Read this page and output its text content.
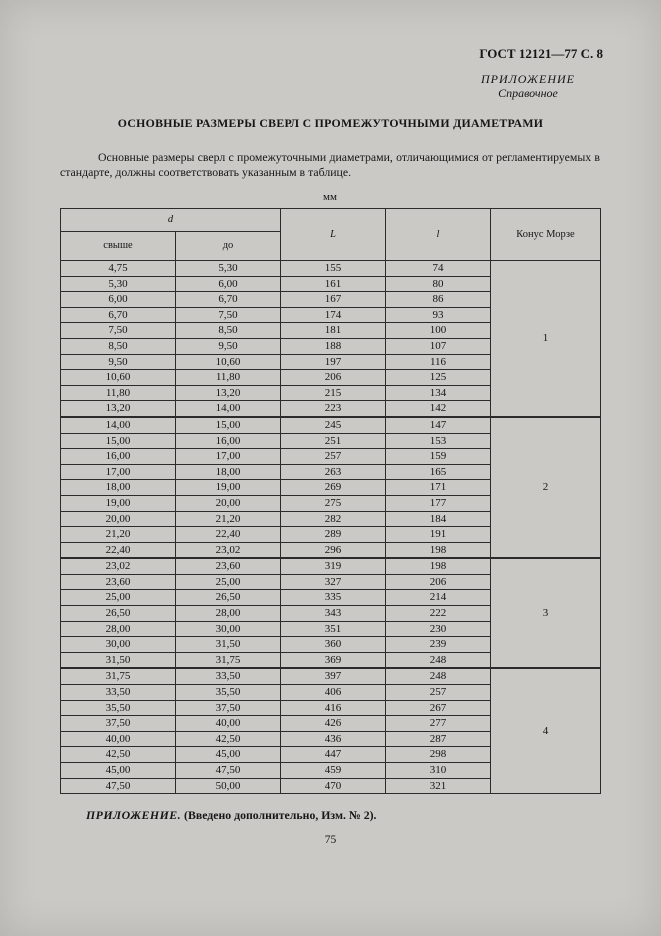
ГОСТ 12121—77 С. 8
ПРИЛОЖЕНИЕ
Справочное
ОСНОВНЫЕ РАЗМЕРЫ СВЕРЛ С ПРОМЕЖУТОЧНЫМИ ДИАМЕТРАМИ
Основные размеры сверл с промежуточными диаметрами, отличающимися от регламентируемых в стандарте, должны соответствовать указанным в таблице.
мм
d		L	l	Конус Морзе
свыше	до			
4,75	5,30	155	74	1
5,30	6,00	161	80	
6,00	6,70	167	86	
6,70	7,50	174	93	
7,50	8,50	181	100	
8,50	9,50	188	107	
9,50	10,60	197	116	
10,60	11,80	206	125	
11,80	13,20	215	134	
13,20	14,00	223	142	
14,00	15,00	245	147	2
15,00	16,00	251	153	
16,00	17,00	257	159	
17,00	18,00	263	165	
18,00	19,00	269	171	
19,00	20,00	275	177	
20,00	21,20	282	184	
21,20	22,40	289	191	
22,40	23,02	296	198	
23,02	23,60	319	198	3
23,60	25,00	327	206	
25,00	26,50	335	214	
26,50	28,00	343	222	
28,00	30,00	351	230	
30,00	31,50	360	239	
31,50	31,75	369	248	
31,75	33,50	397	248	4
33,50	35,50	406	257	
35,50	37,50	416	267	
37,50	40,00	426	277	
40,00	42,50	436	287	
42,50	45,00	447	298	
45,00	47,50	459	310	
47,50	50,00	470	321	
ПРИЛОЖЕНИЕ. (Введено дополнительно, Изм. № 2).
75
